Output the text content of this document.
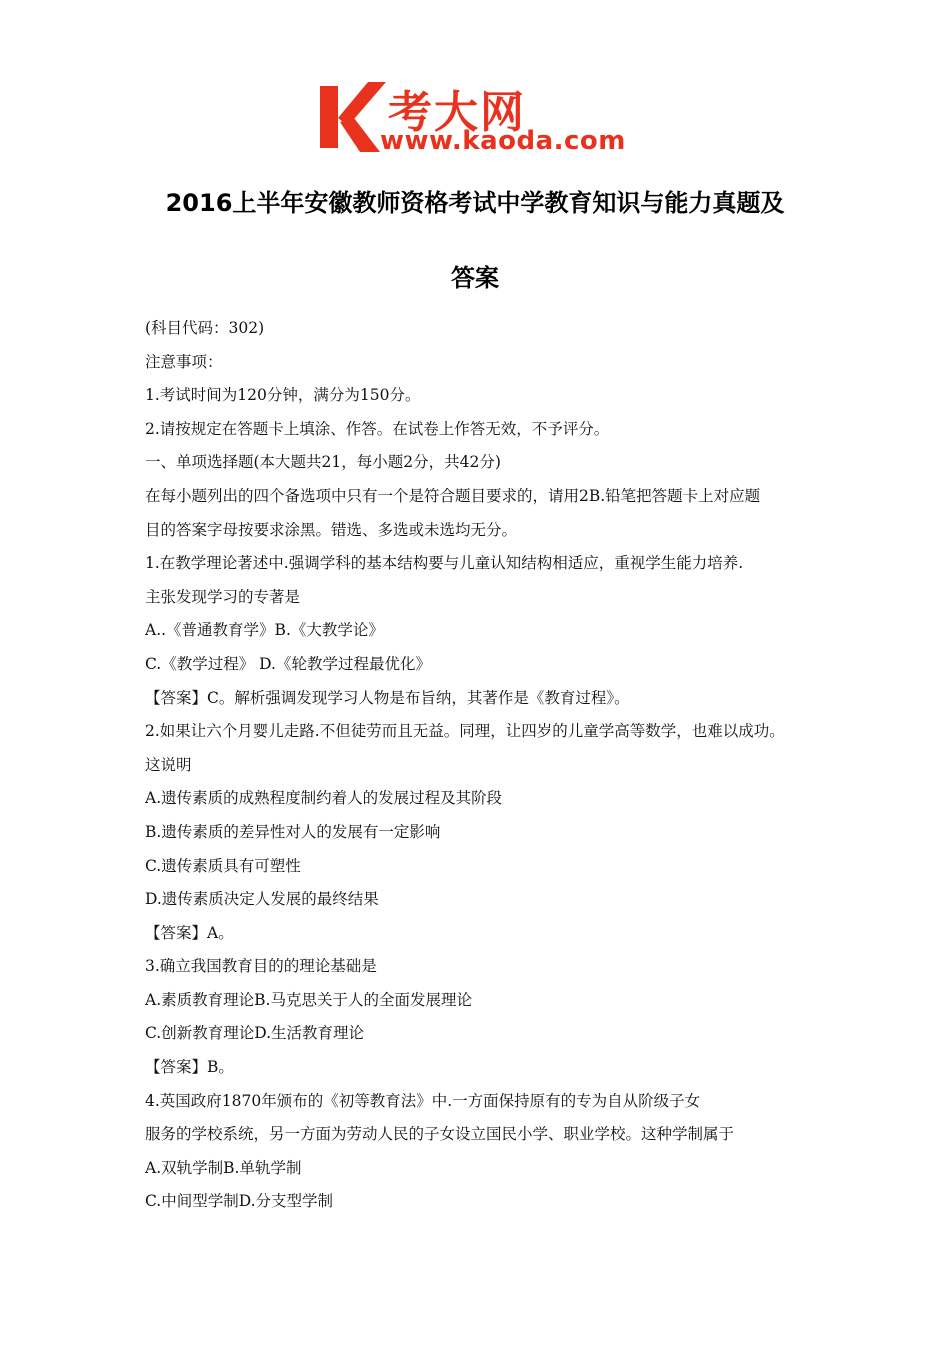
考大网
www.kaoda.com
2016上半年安徽教师资格考试中学教育知识与能力真题及
答案
(科目代码：302)
注意事项：
1.考试时间为120分钟，满分为150分。
2.请按规定在答题卡上填涂、作答。在试卷上作答无效，不予评分。
一、单项选择题(本大题共21，每小题2分，共42分)
在每小题列出的四个备选项中只有一个是符合题目要求的，请用2B.铅笔把答题卡上对应题
目的答案字母按要求涂黑。错选、多选或未选均无分。
1.在教学理论著述中.强调学科的基本结构要与儿童认知结构相适应，重视学生能力培养.
主张发现学习的专著是
A..《普通教育学》B.《大教学论》
C.《教学过程》 D.《轮教学过程最优化》
【答案】C。解析强调发现学习人物是布旨纳，其著作是《教育过程》。
2.如果让六个月婴儿走路.不但徒劳而且无益。同理，让四岁的儿童学高等数学，也难以成功。
这说明
A.遗传素质的成熟程度制约着人的发展过程及其阶段
B.遗传素质的差异性对人的发展有一定影响
C.遗传素质具有可塑性
D.遗传素质决定人发展的最终结果
【答案】A。
3.确立我国教育目的的理论基础是
A.素质教育理论B.马克思关于人的全面发展理论
C.创新教育理论D.生活教育理论
【答案】B。
4.英国政府1870年颁布的《初等教育法》中.一方面保持原有的专为自从阶级子女
服务的学校系统，另一方面为劳动人民的子女设立国民小学、职业学校。这种学制属于
A.双轨学制B.单轨学制
C.中间型学制D.分支型学制
